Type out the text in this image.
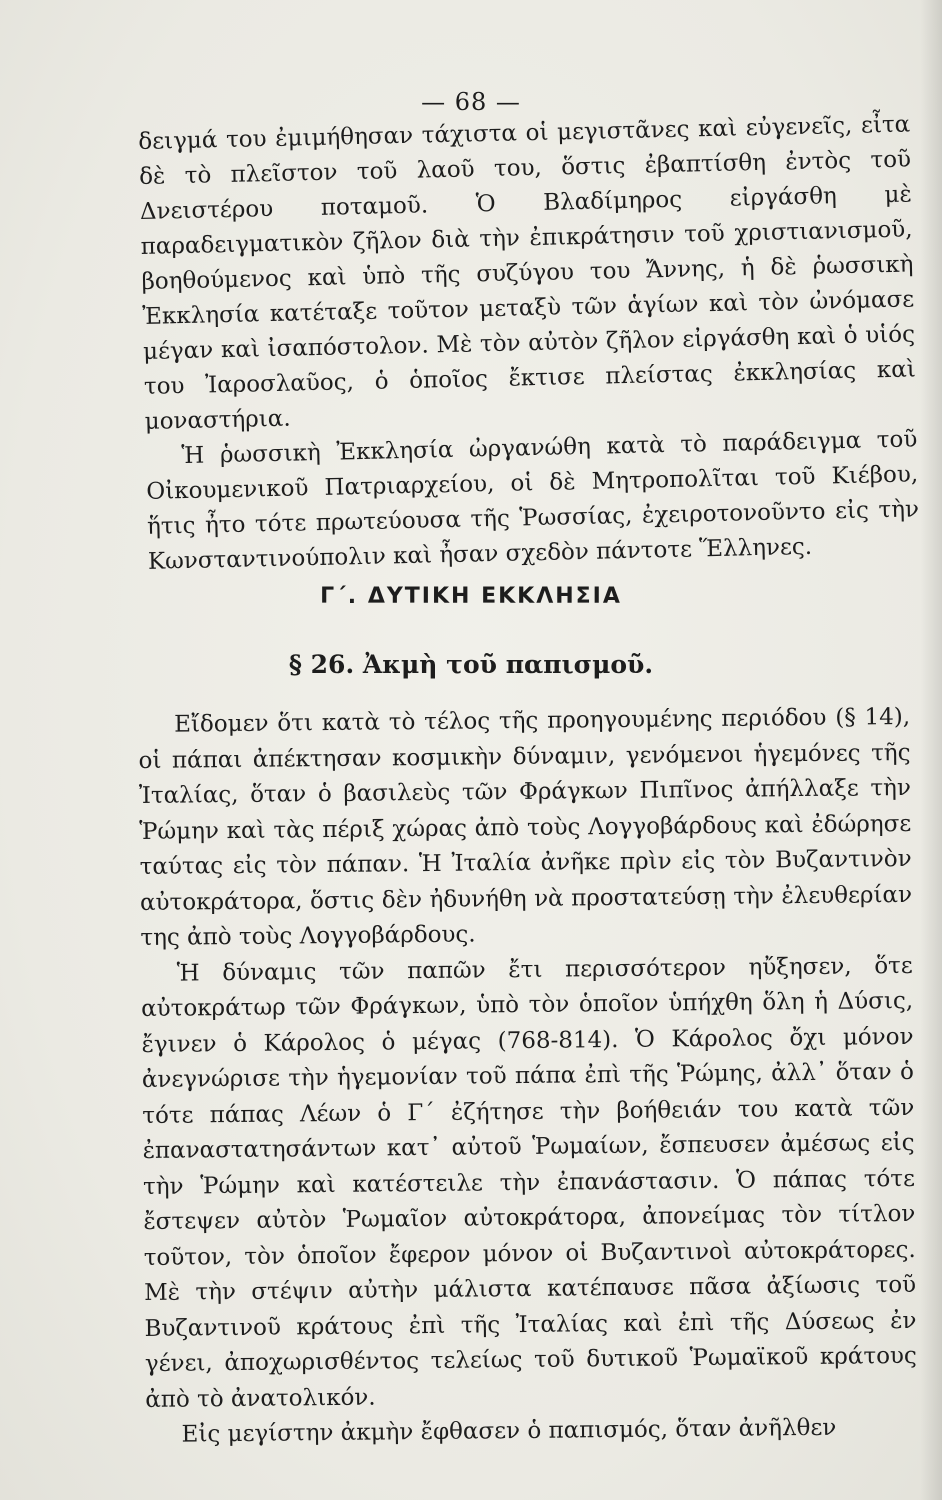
— 68 —

δειγμά του ἐμιμήθησαν τάχιστα οἱ μεγιστᾶνες καὶ εὐγενεῖς, εἶτα δὲ τὸ πλεῖστον τοῦ λαοῦ του, ὅστις ἐβαπτίσθη ἐντὸς τοῦ Δνειστέρου ποταμοῦ. Ὁ Βλαδίμηρος εἰργάσθη μὲ παραδειγματικὸν ζῆλον διὰ τὴν ἐπικράτησιν τοῦ χριστιανισμοῦ, βοηθούμενος καὶ ὑπὸ τῆς συζύγου του Ἄννης, ἡ δὲ ῥωσσικὴ Ἐκκλησία κατέταξε τοῦτον μεταξὺ τῶν ἁγίων καὶ τὸν ὠνόμασε μέγαν καὶ ἰσαπόστολον. Μὲ τὸν αὐτὸν ζῆλον εἰργάσθη καὶ ὁ υἱός του Ἰαροσλαῦος, ὁ ὁποῖος ἔκτισε πλείστας ἐκκλησίας καὶ μοναστήρια.

Ἡ ῥωσσικὴ Ἐκκλησία ὠργανώθη κατὰ τὸ παράδειγμα τοῦ Οἰκουμενικοῦ Πατριαρχείου, οἱ δὲ Μητροπολῖται τοῦ Κιέβου, ἥτις ἦτο τότε πρωτεύουσα τῆς Ῥωσσίας, ἐχειροτονοῦντο εἰς τὴν Κωνσταντινούπολιν καὶ ἦσαν σχεδὸν πάντοτε Ἕλληνες.

Γ΄. ΔΥΤΙΚΗ ΕΚΚΛΗΣΙΑ
§ 26. Ἀκμὴ τοῦ παπισμοῦ.

Εἴδομεν ὅτι κατὰ τὸ τέλος τῆς προηγουμένης περιόδου (§ 14), οἱ πάπαι ἀπέκτησαν κοσμικὴν δύναμιν, γενόμενοι ἡγεμόνες τῆς Ἰταλίας, ὅταν ὁ βασιλεὺς τῶν Φράγκων Πιπῖνος ἀπήλλαξε τὴν Ῥώμην καὶ τὰς πέριξ χώρας ἀπὸ τοὺς Λογγοβάρδους καὶ ἐδώρησε ταύτας εἰς τὸν πάπαν. Ἡ Ἰταλία ἀνῆκε πρὶν εἰς τὸν Βυζαντινὸν αὐτοκράτορα, ὅστις δὲν ἠδυνήθη νὰ προστατεύσῃ τὴν ἐλευθερίαν της ἀπὸ τοὺς Λογγοβάρδους.

Ἡ δύναμις τῶν παπῶν ἔτι περισσότερον ηὔξησεν, ὅτε αὐτοκράτωρ τῶν Φράγκων, ὑπὸ τὸν ὁποῖον ὑπήχθη ὅλη ἡ Δύσις, ἔγινεν ὁ Κάρολος ὁ μέγας (768-814). Ὁ Κάρολος ὄχι μόνον ἀνεγνώρισε τὴν ἡγεμονίαν τοῦ πάπα ἐπὶ τῆς Ῥώμης, ἀλλ᾽ ὅταν ὁ τότε πάπας Λέων ὁ Γ΄ ἐζήτησε τὴν βοήθειάν του κατὰ τῶν ἐπαναστατησάντων κατ᾽ αὐτοῦ Ῥωμαίων, ἔσπευσεν ἀμέσως εἰς τὴν Ῥώμην καὶ κατέστειλε τὴν ἐπανάστασιν. Ὁ πάπας τότε ἔστεψεν αὐτὸν Ῥωμαῖον αὐτοκράτορα, ἀπονείμας τὸν τίτλον τοῦτον, τὸν ὁποῖον ἔφερον μόνον οἱ Βυζαντινοὶ αὐτοκράτορες. Μὲ τὴν στέψιν αὐτὴν μάλιστα κατέπαυσε πᾶσα ἀξίωσις τοῦ Βυζαντινοῦ κράτους ἐπὶ τῆς Ἰταλίας καὶ ἐπὶ τῆς Δύσεως ἐν γένει, ἀποχωρισθέντος τελείως τοῦ δυτικοῦ Ῥωμαϊκοῦ κράτους ἀπὸ τὸ ἀνατολικόν.

Εἰς μεγίστην ἀκμὴν ἔφθασεν ὁ παπισμός, ὅταν ἀνῆλθεν
